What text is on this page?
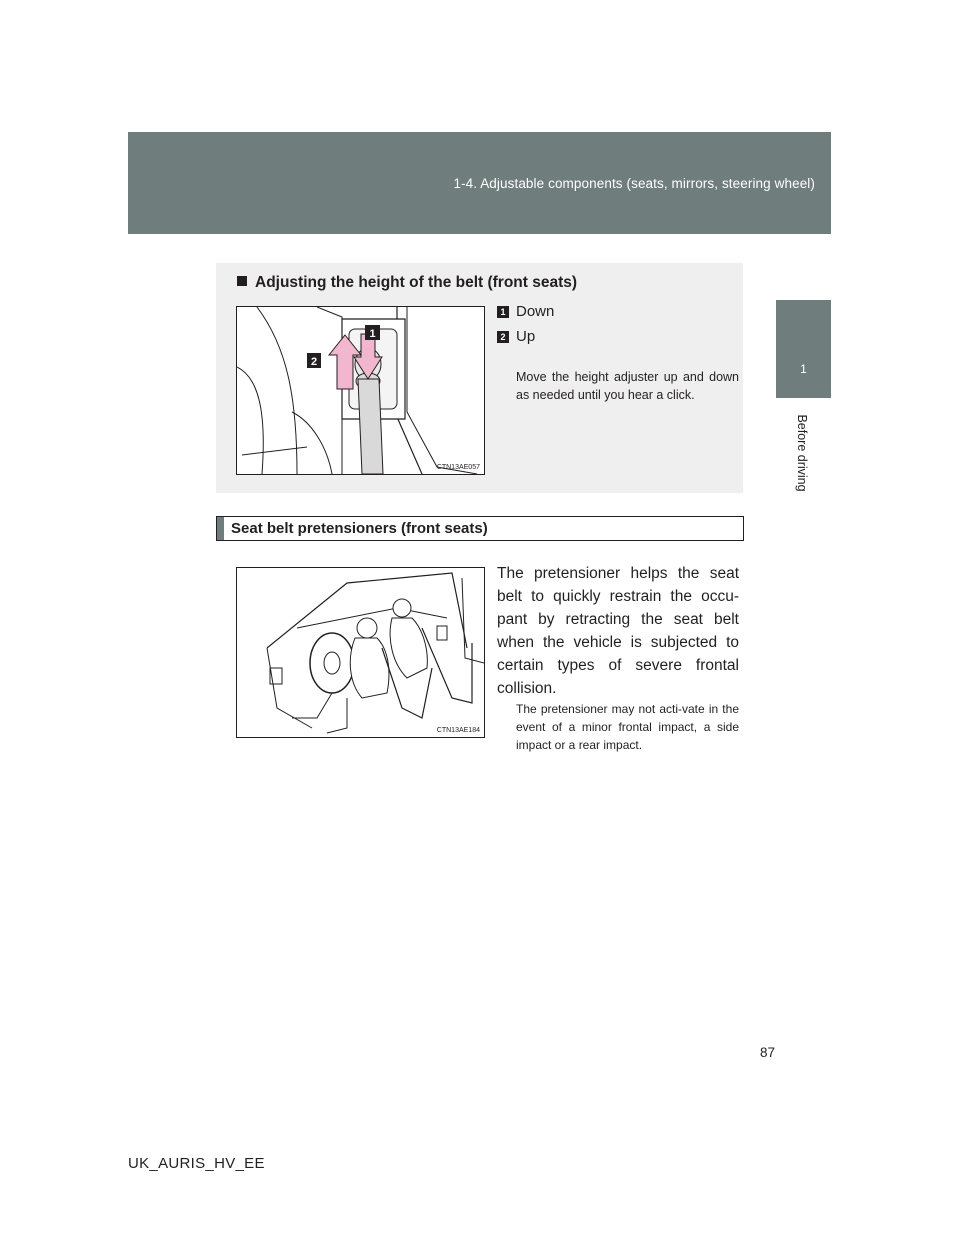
1-4. Adjustable components (seats, mirrors, steering wheel)
1
Before driving
Adjusting the height of the belt (front seats)
1
2
CTN13AE057
1 Down
2 Up
Move the height adjuster up and down as needed until you hear a click.
Seat belt pretensioners (front seats)
CTN13AE184
The pretensioner helps the seat belt to quickly restrain the occu-pant by retracting the seat belt when the vehicle is subjected to certain types of severe frontal collision.
The pretensioner may not acti-vate in the event of a minor frontal impact, a side impact or a rear impact.
87
UK_AURIS_HV_EE
